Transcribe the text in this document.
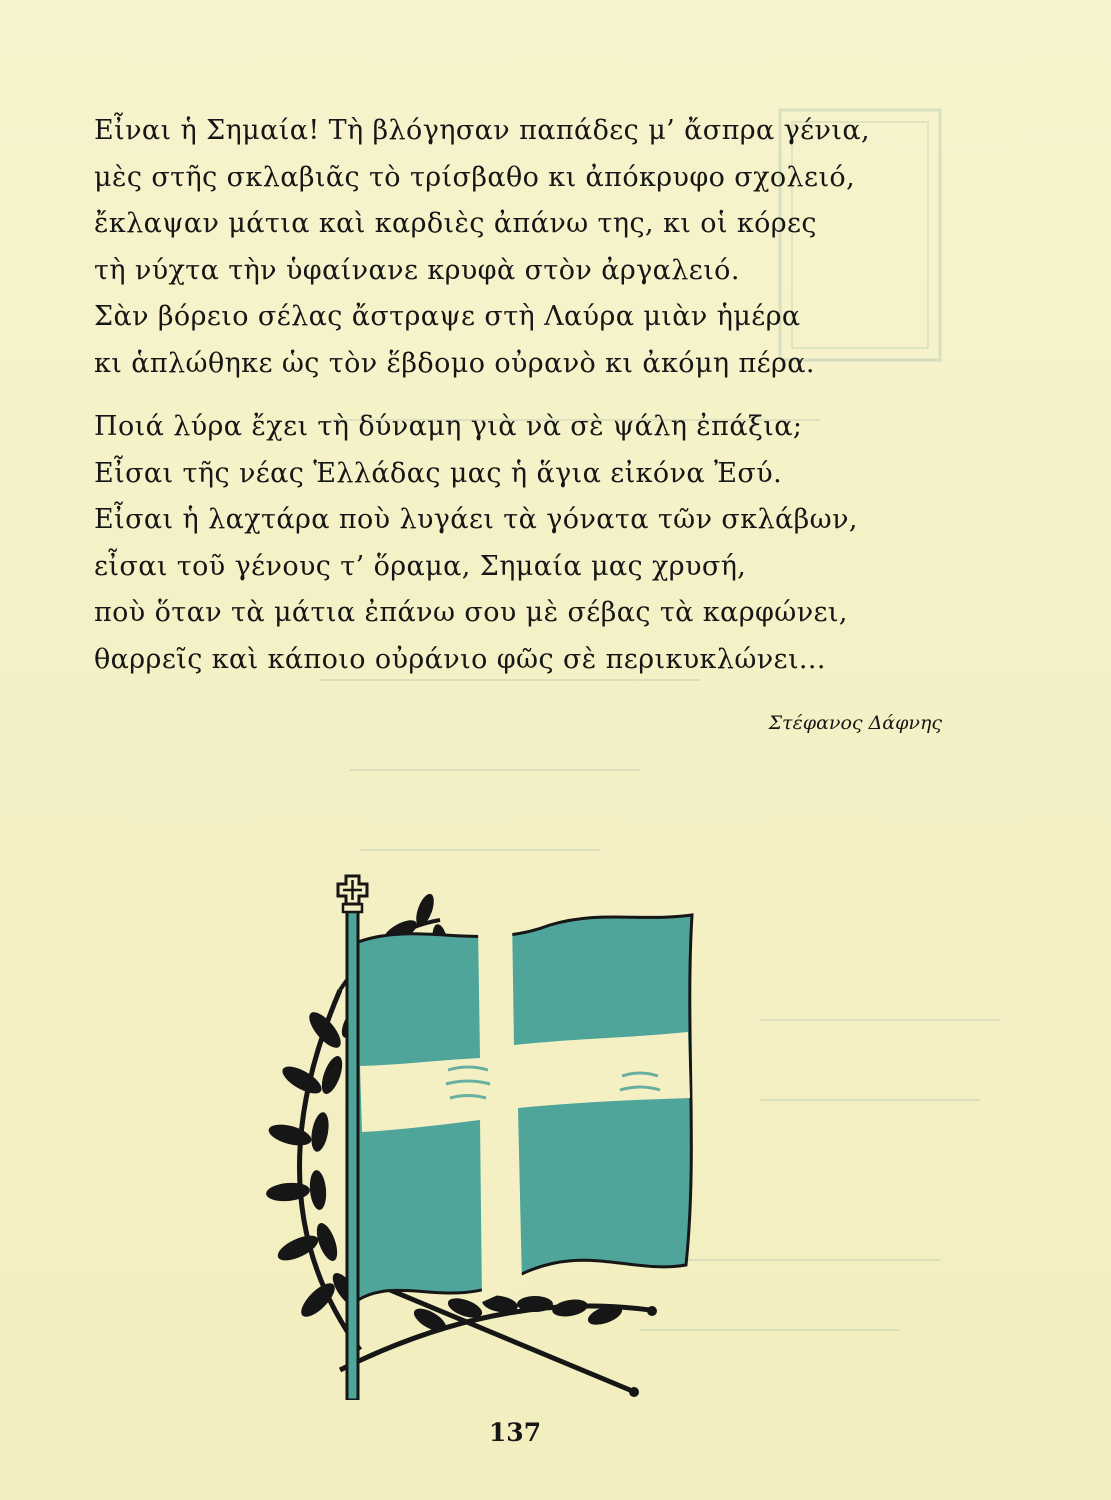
Εἶναι ἡ Σημαία! Τὴ βλόγησαν παπάδες μ’ ἄσπρα γένια,
μὲς στῆς σκλαβιᾶς τὸ τρίσβαθο κι ἀπόκρυφο σχολειό,
ἔκλαψαν μάτια καὶ καρδιὲς ἀπάνω της, κι οἱ κόρες
τὴ νύχτα τὴν ὑφαίνανε κρυφὰ στὸν ἀργαλειό.
Σὰν βόρειο σέλας ἄστραψε στὴ Λαύρα μιὰν ἡμέρα
κι ἁπλώθηκε ὡς τὸν ἕβδομο οὐρανὸ κι ἀκόμη πέρα.
Ποιά λύρα ἔχει τὴ δύναμη γιὰ νὰ σὲ ψάλη ἐπάξια;
Εἶσαι τῆς νέας Ἑλλάδας μας ἡ ἅγια εἰκόνα Ἐσύ.
Εἶσαι ἡ λαχτάρα ποὺ λυγάει τὰ γόνατα τῶν σκλάβων,
εἶσαι τοῦ γένους τ’ ὅραμα, Σημαία μας χρυσή,
ποὺ ὅταν τὰ μάτια ἐπάνω σου μὲ σέβας τὰ καρφώνει,
θαρρεῖς καὶ κάποιο οὐράνιο φῶς σὲ περικυκλώνει...
Στέφανος Δάφνης
137
